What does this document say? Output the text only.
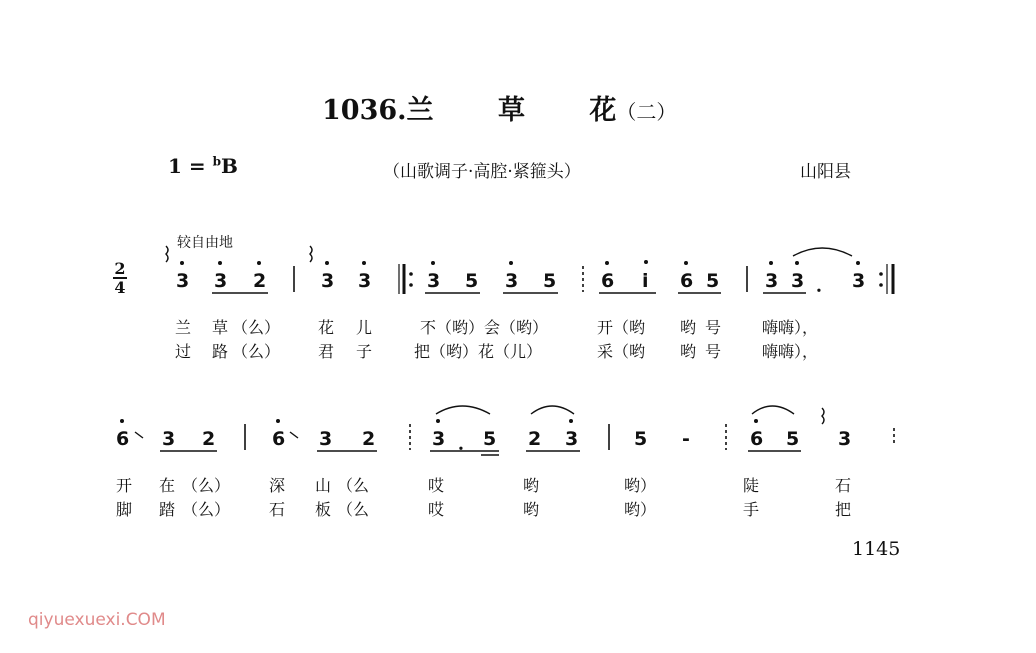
1036.兰 草 花（二）
1 = $^b$B	（山歌调子·高腔·紧箍头）	山阳县
较自由地
2
4	3 3 2	3 3	3 5 3 5 6 i 6 5 3 3 ． 3
兰 草 （么） 花 儿	不（哟）会（哟）	开（哟 哟 号	嗨嗨），
过 路 （么） 君 子	把（哟）花（儿）	采（哟 哟 号	嗨嗨），
6 3 2	6 3 2	3 ． 5 2 3	5 -	6 5 3
开 在 （么） 深 山 （么	哎	哟	哟）	陡	石
脚 踏 （么） 石 板 （么	哎	哟	哟）	手	把
1145
qiyuexuexi.COM
